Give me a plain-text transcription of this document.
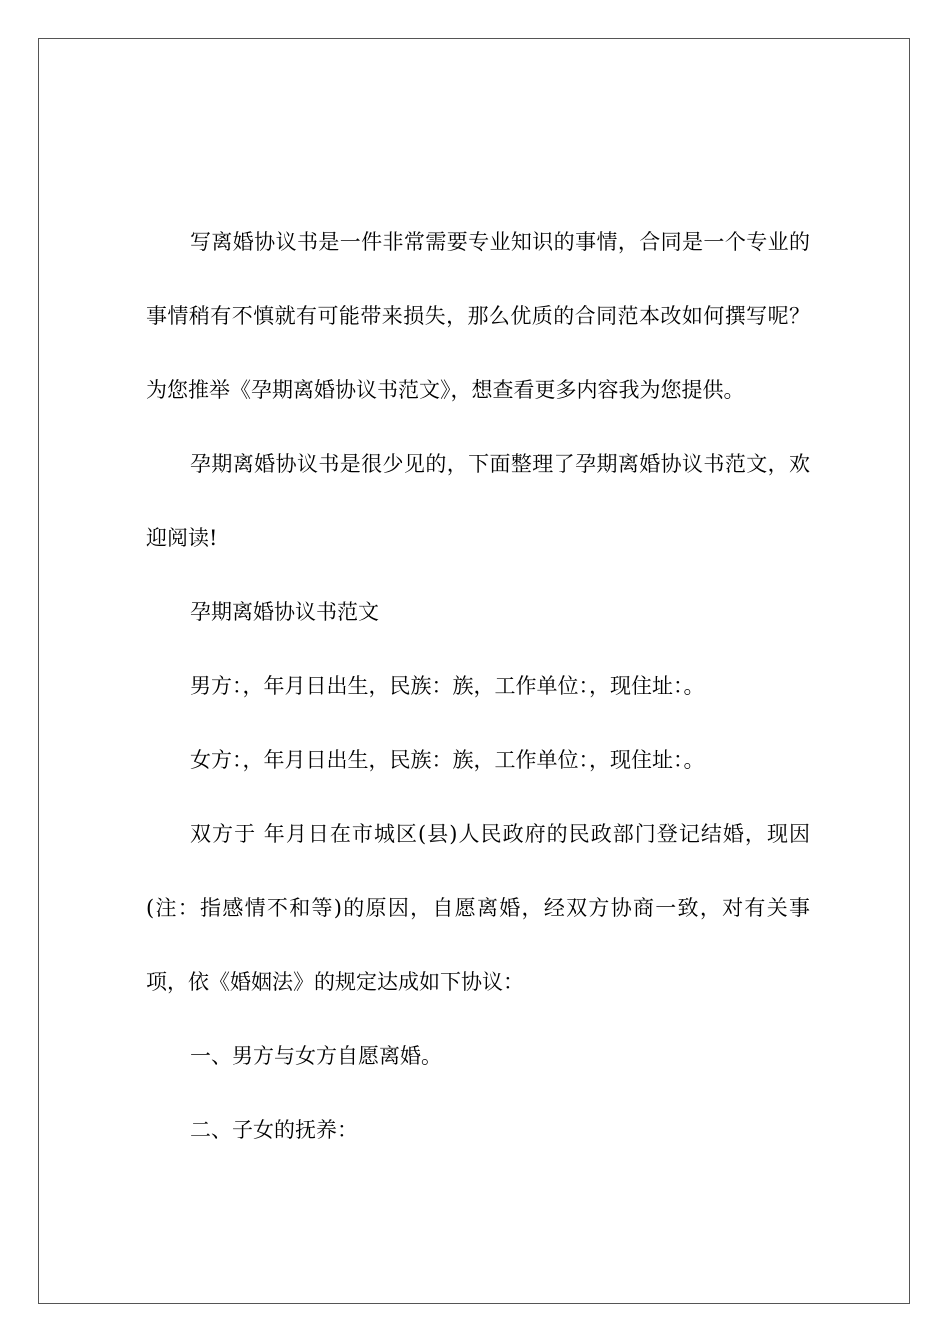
写离婚协议书是一件非常需要专业知识的事情，合同是一个专业的事情稍有不慎就有可能带来损失，那么优质的合同范本改如何撰写呢？为您推举《孕期离婚协议书范文》，想查看更多内容我为您提供。

孕期离婚协议书是很少见的，下面整理了孕期离婚协议书范文，欢迎阅读!

孕期离婚协议书范文

男方：，年月日出生，民族：族，工作单位：，现住址：。

女方：，年月日出生，民族：族，工作单位：，现住址：。

双方于 年月日在市城区(县)人民政府的民政部门登记结婚，现因(注：指感情不和等)的原因，自愿离婚，经双方协商一致，对有关事项，依《婚姻法》的规定达成如下协议：

一、男方与女方自愿离婚。

二、子女的抚养：
